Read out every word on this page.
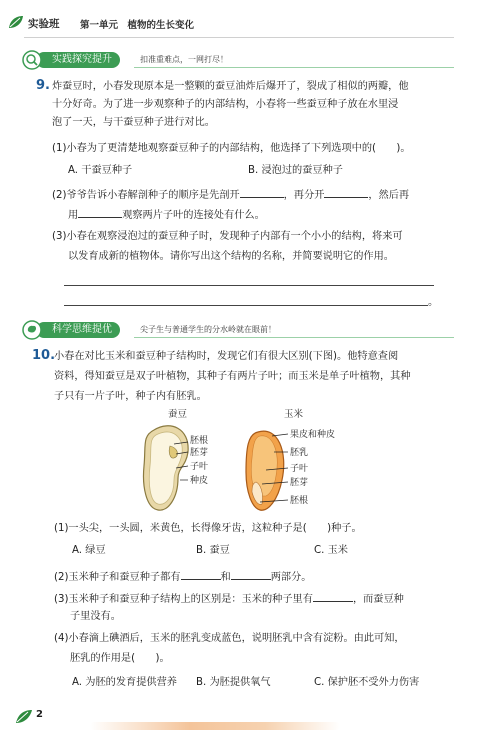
实验班 第一单元　植物的生长变化
实践探究提升	扣准重难点，一网打尽！
9. 炸蚕豆时，小春发现原本是一整颗的蚕豆油炸后爆开了，裂成了相似的两瓣，他
十分好奇。为了进一步观察种子的内部结构，小春将一些蚕豆种子放在水里浸
泡了一天，与干蚕豆种子进行对比。
(1)小春为了更清楚地观察蚕豆种子的内部结构，他选择了下列选项中的(　　)。
A. 干蚕豆种子	B. 浸泡过的蚕豆种子
(2)爷爷告诉小春解剖种子的顺序是先剖开	，再分开	，然后再
用	观察两片子叶的连接处有什么。
(3)小春在观察浸泡过的蚕豆种子时，发现种子内部有一个小小的结构，将来可
以发育成新的植物体。请你写出这个结构的名称，并简要说明它的作用。
。
科学思维提优	尖子生与普通学生的分水岭就在眼前！
10.
小春在对比玉米和蚕豆种子结构时，发现它们有很大区别(下图)。他特意查阅
资料，得知蚕豆是双子叶植物，其种子有两片子叶；而玉米是单子叶植物，其种
子只有一片子叶，种子内有胚乳。
蚕豆	玉米
胚根
胚芽
子叶
种皮
果皮和种皮
胚乳
子叶
胚芽
胚根
(1)一头尖，一头圆，米黄色，长得像牙齿，这粒种子是(　　)种子。
A. 绿豆	B. 蚕豆	C. 玉米
(2)玉米种子和蚕豆种子都有	和	两部分。
(3)玉米种子和蚕豆种子结构上的区别是：玉米的种子里有	，而蚕豆种
子里没有。
(4)小春滴上碘酒后，玉米的胚乳变成蓝色，说明胚乳中含有淀粉。由此可知，
胚乳的作用是(　　)。
A. 为胚的发育提供营养 B. 为胚提供氧气	C. 保护胚不受外力伤害
2
